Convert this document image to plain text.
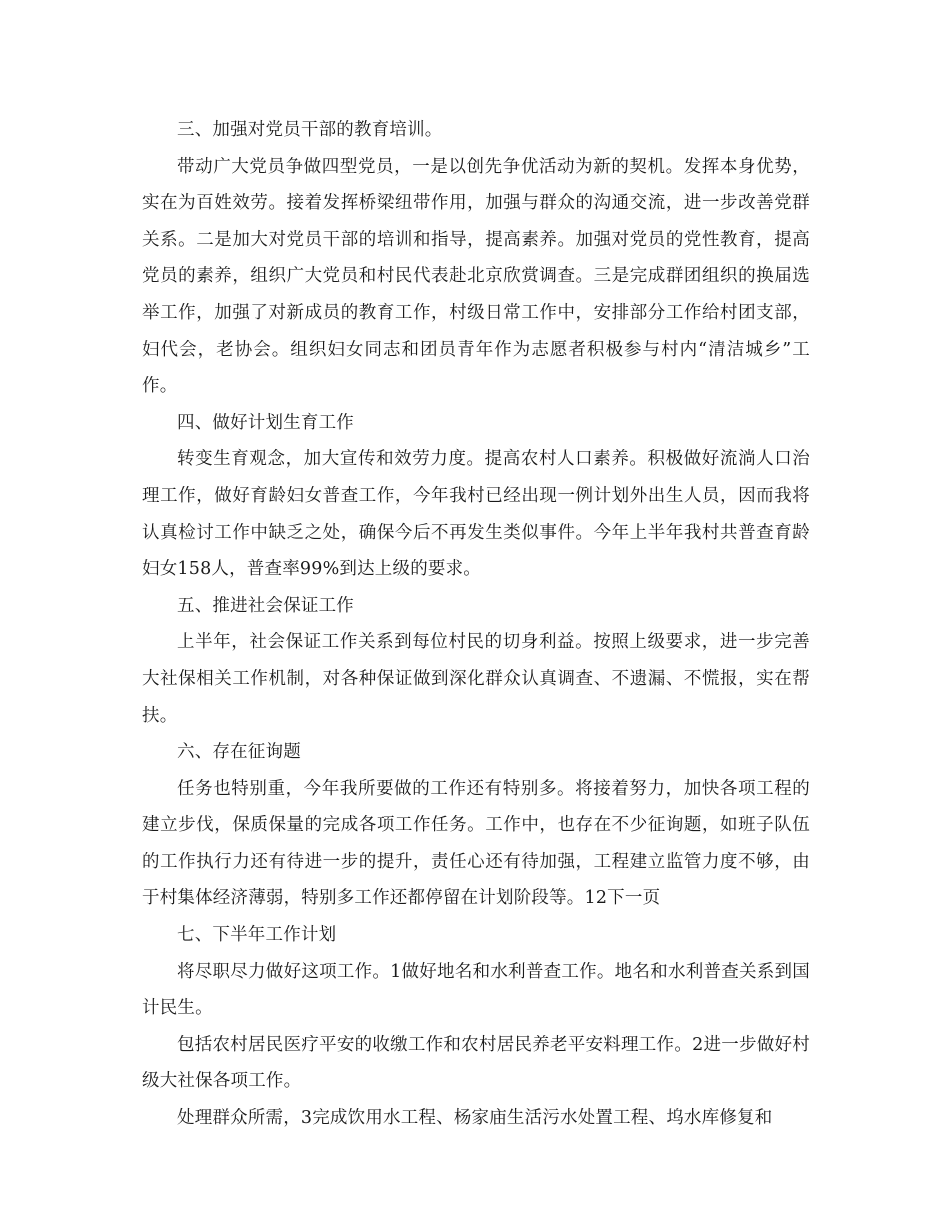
三、加强对党员干部的教育培训。

带动广大党员争做四型党员，一是以创先争优活动为新的契机。发挥本身优势，实在为百姓效劳。接着发挥桥梁纽带作用，加强与群众的沟通交流，进一步改善党群关系。二是加大对党员干部的培训和指导，提高素养。加强对党员的党性教育，提高党员的素养，组织广大党员和村民代表赴北京欣赏调查。三是完成群团组织的换届选举工作，加强了对新成员的教育工作，村级日常工作中，安排部分工作给村团支部，妇代会，老协会。组织妇女同志和团员青年作为志愿者积极参与村内“清洁城乡”工作。

四、做好计划生育工作

转变生育观念，加大宣传和效劳力度。提高农村人口素养。积极做好流淌人口治理工作，做好育龄妇女普查工作，今年我村已经出现一例计划外出生人员，因而我将认真检讨工作中缺乏之处，确保今后不再发生类似事件。今年上半年我村共普查育龄妇女158人，普查率99%到达上级的要求。

五、推进社会保证工作

上半年，社会保证工作关系到每位村民的切身利益。按照上级要求，进一步完善大社保相关工作机制，对各种保证做到深化群众认真调查、不遗漏、不慌报，实在帮扶。

六、存在征询题

任务也特别重，今年我所要做的工作还有特别多。将接着努力，加快各项工程的建立步伐，保质保量的完成各项工作任务。工作中，也存在不少征询题，如班子队伍的工作执行力还有待进一步的提升，责任心还有待加强，工程建立监管力度不够，由于村集体经济薄弱，特别多工作还都停留在计划阶段等。12下一页

七、下半年工作计划

将尽职尽力做好这项工作。1做好地名和水利普查工作。地名和水利普查关系到国计民生。

包括农村居民医疗平安的收缴工作和农村居民养老平安料理工作。2进一步做好村级大社保各项工作。

处理群众所需，3完成饮用水工程、杨家庙生活污水处置工程、坞水库修复和
